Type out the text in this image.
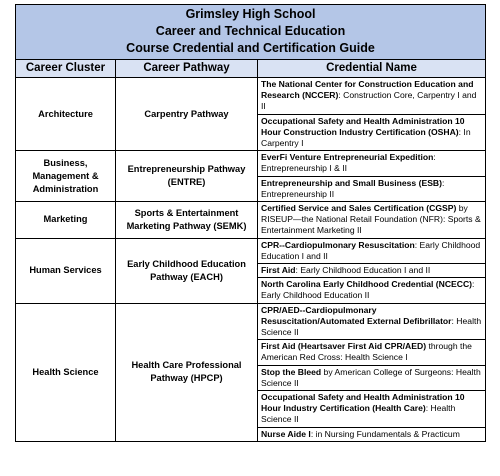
Grimsley High School
Career and Technical Education
Course Credential and Certification Guide		

Career Cluster	Career Pathway	Credential Name
Architecture	Carpentry Pathway	The National Center for Construction Education and Research (NCCER): Construction Core, Carpentry I and II
		Occupational Safety and Health Administration 10 Hour Construction Industry Certification (OSHA): In Carpentry I
Business, Management & Administration	Entrepreneurship Pathway (ENTRE)	EverFi Venture Entrepreneurial Expedition: Entrepreneurship I & II
		Entrepreneurship and Small Business (ESB): Entrepreneurship II
Marketing	Sports & Entertainment Marketing Pathway (SEMK)	Certified Service and Sales Certification (CGSP) by RISEUP—the National Retail Foundation (NFR): Sports & Entertainment Marketing II
Human Services	Early Childhood Education Pathway (EACH)	CPR--Cardiopulmonary Resuscitation: Early Childhood Education I and II
		First Aid: Early Childhood Education I and II
		North Carolina Early Childhood Credential (NCECC): Early Childhood Education II
Health Science	Health Care Professional Pathway (HPCP)	CPR/AED--Cardiopulmonary Resuscitation/Automated External Defibrillator: Health Science II
		First Aid (Heartsaver First Aid CPR/AED) through the American Red Cross: Health Science I
		Stop the Bleed by American College of Surgeons: Health Science II
		Occupational Safety and Health Administration 10 Hour Industry Certification (Health Care): Health Science II
		Nurse Aide I: in Nursing Fundamentals & Practicum
